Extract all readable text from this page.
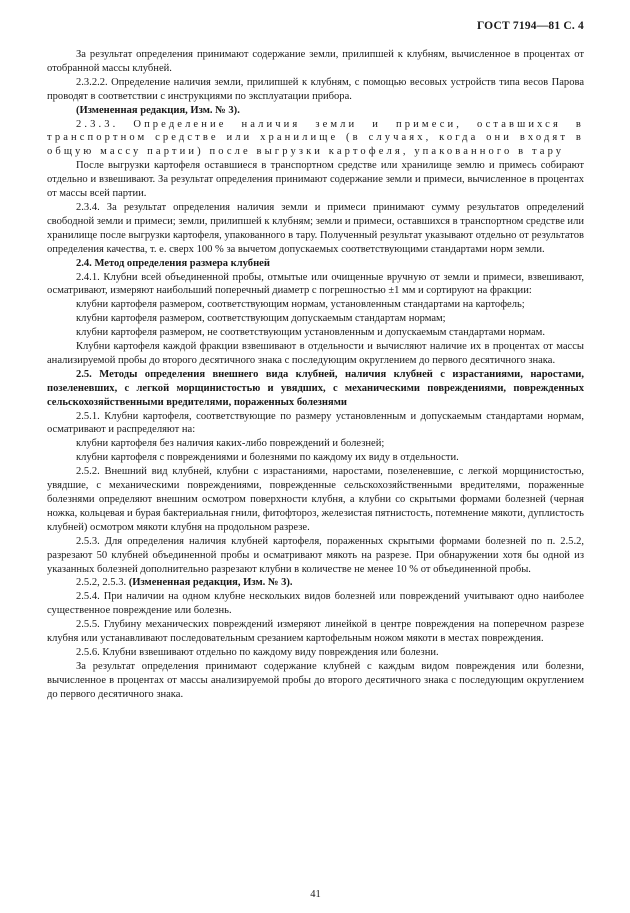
ГОСТ 7194—81 С. 4

За результат определения принимают содержание земли, прилипшей к клубням, вычисленное в процентах от отобранной массы клубней.

2.3.2.2. Определение наличия земли, прилипшей к клубням, с помощью весовых устройств типа весов Парова проводят в соответствии с инструкциями по эксплуатации прибора.

(Измененная редакция, Изм. № 3).

2.3.3. Определение наличия земли и примеси, оставшихся в транспортном средстве или хранилище (в случаях, когда они входят в общую массу партии) после выгрузки картофеля, упакованного в тару

После выгрузки картофеля оставшиеся в транспортном средстве или хранилище землю и примесь собирают отдельно и взвешивают. За результат определения принимают содержание земли и примеси, вычисленное в процентах от массы всей партии.

2.3.4. За результат определения наличия земли и примеси принимают сумму результатов определений свободной земли и примеси; земли, прилипшей к клубням; земли и примеси, оставшихся в транспортном средстве или хранилище после выгрузки картофеля, упакованного в тару. Полученный результат указывают отдельно от результатов определения качества, т. е. сверх 100 % за вычетом допускаемых соответствующими стандартами норм земли.

2.4. Метод определения размера клубней

2.4.1. Клубни всей объединенной пробы, отмытые или очищенные вручную от земли и примеси, взвешивают, осматривают, измеряют наибольший поперечный диаметр с погрешностью ±1 мм и сортируют на фракции:

клубни картофеля размером, соответствующим нормам, установленным стандартами на картофель;

клубни картофеля размером, соответствующим допускаемым стандартам нормам;

клубни картофеля размером, не соответствующим установленным и допускаемым стандартами нормам.

Клубни картофеля каждой фракции взвешивают в отдельности и вычисляют наличие их в процентах от массы анализируемой пробы до второго десятичного знака с последующим округлением до первого десятичного знака.

2.5. Методы определения внешнего вида клубней, наличия клубней с израстаниями, наростами, позеленевших, с легкой морщинистостью и увядших, с механическими повреждениями, поврежденных сельскохозяйственными вредителями, пораженных болезнями

2.5.1. Клубни картофеля, соответствующие по размеру установленным и допускаемым стандартами нормам, осматривают и распределяют на:

клубни картофеля без наличия каких-либо повреждений и болезней;

клубни картофеля с повреждениями и болезнями по каждому их виду в отдельности.

2.5.2. Внешний вид клубней, клубни с израстаниями, наростами, позеленевшие, с легкой морщинистостью, увядшие, с механическими повреждениями, поврежденные сельскохозяйственными вредителями, пораженные болезнями определяют внешним осмотром поверхности клубня, а клубни со скрытыми формами болезней (черная ножка, кольцевая и бурая бактериальная гнили, фитофтороз, железистая пятнистость, потемнение мякоти, дуплистость клубней) осмотром мякоти клубня на продольном разрезе.

2.5.3. Для определения наличия клубней картофеля, пораженных скрытыми формами болезней по п. 2.5.2, разрезают 50 клубней объединенной пробы и осматривают мякоть на разрезе. При обнаружении хотя бы одной из указанных болезней дополнительно разрезают клубни в количестве не менее 10 % от объединенной пробы.

2.5.2, 2.5.3. (Измененная редакция, Изм. № 3).

2.5.4. При наличии на одном клубне нескольких видов болезней или повреждений учитывают одно наиболее существенное повреждение или болезнь.

2.5.5. Глубину механических повреждений измеряют линейкой в центре повреждения на поперечном разрезе клубня или устанавливают последовательным срезанием картофельным ножом мякоти в местах повреждения.

2.5.6. Клубни взвешивают отдельно по каждому виду повреждения или болезни.

За результат определения принимают содержание клубней с каждым видом повреждения или болезни, вычисленное в процентах от массы анализируемой пробы до второго десятичного знака с последующим округлением до первого десятичного знака.

41
